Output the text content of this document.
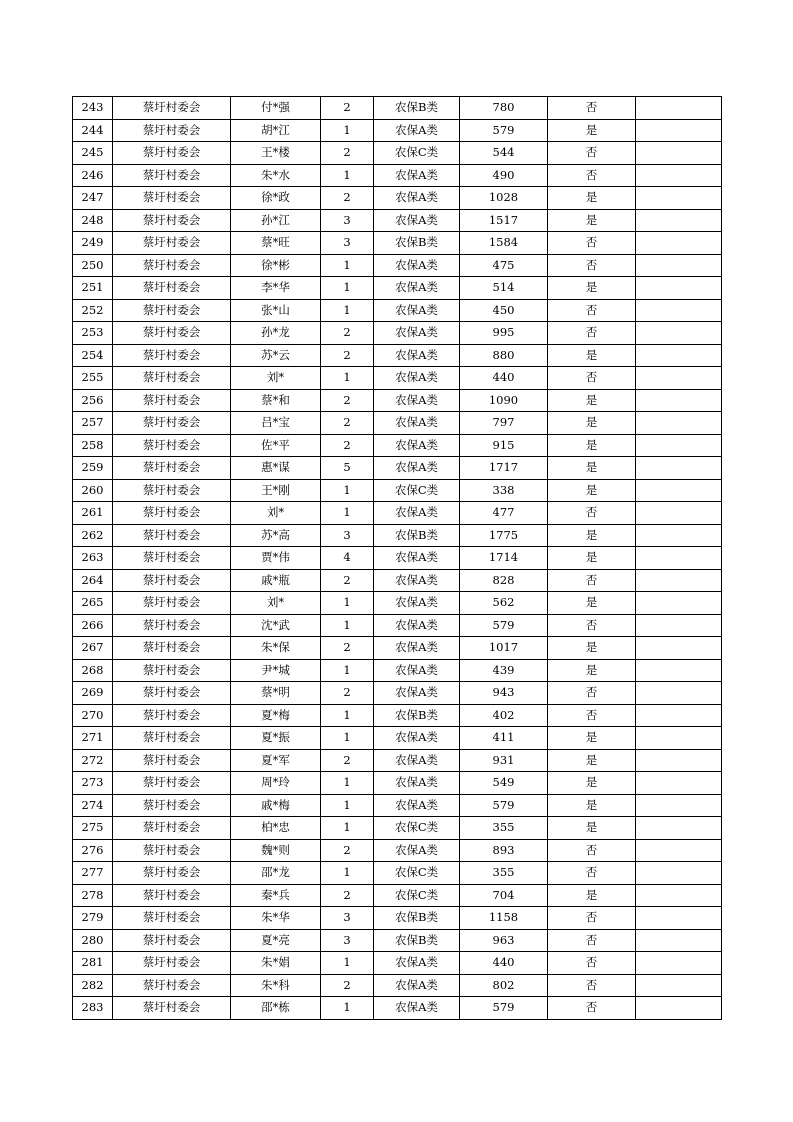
243	蔡圩村委会	付*强	2	农保B类	780	否	
244	蔡圩村委会	胡*江	1	农保A类	579	是	
245	蔡圩村委会	王*楼	2	农保C类	544	否	
246	蔡圩村委会	朱*水	1	农保A类	490	否	
247	蔡圩村委会	徐*政	2	农保A类	1028	是	
248	蔡圩村委会	孙*江	3	农保A类	1517	是	
249	蔡圩村委会	蔡*旺	3	农保B类	1584	否	
250	蔡圩村委会	徐*彬	1	农保A类	475	否	
251	蔡圩村委会	李*华	1	农保A类	514	是	
252	蔡圩村委会	张*山	1	农保A类	450	否	
253	蔡圩村委会	孙*龙	2	农保A类	995	否	
254	蔡圩村委会	苏*云	2	农保A类	880	是	
255	蔡圩村委会	刘*	1	农保A类	440	否	
256	蔡圩村委会	蔡*和	2	农保A类	1090	是	
257	蔡圩村委会	吕*宝	2	农保A类	797	是	
258	蔡圩村委会	佐*平	2	农保A类	915	是	
259	蔡圩村委会	惠*谋	5	农保A类	1717	是	
260	蔡圩村委会	王*刚	1	农保C类	338	是	
261	蔡圩村委会	刘*	1	农保A类	477	否	
262	蔡圩村委会	苏*高	3	农保B类	1775	是	
263	蔡圩村委会	贾*伟	4	农保A类	1714	是	
264	蔡圩村委会	戚*瓶	2	农保A类	828	否	
265	蔡圩村委会	刘*	1	农保A类	562	是	
266	蔡圩村委会	沈*武	1	农保A类	579	否	
267	蔡圩村委会	朱*保	2	农保A类	1017	是	
268	蔡圩村委会	尹*城	1	农保A类	439	是	
269	蔡圩村委会	蔡*明	2	农保A类	943	否	
270	蔡圩村委会	夏*梅	1	农保B类	402	否	
271	蔡圩村委会	夏*振	1	农保A类	411	是	
272	蔡圩村委会	夏*军	2	农保A类	931	是	
273	蔡圩村委会	周*玲	1	农保A类	549	是	
274	蔡圩村委会	戚*梅	1	农保A类	579	是	
275	蔡圩村委会	柏*忠	1	农保C类	355	是	
276	蔡圩村委会	魏*则	2	农保A类	893	否	
277	蔡圩村委会	邵*龙	1	农保C类	355	否	
278	蔡圩村委会	秦*兵	2	农保C类	704	是	
279	蔡圩村委会	朱*华	3	农保B类	1158	否	
280	蔡圩村委会	夏*亮	3	农保B类	963	否	
281	蔡圩村委会	朱*娟	1	农保A类	440	否	
282	蔡圩村委会	朱*科	2	农保A类	802	否	
283	蔡圩村委会	邵*栋	1	农保A类	579	否	
